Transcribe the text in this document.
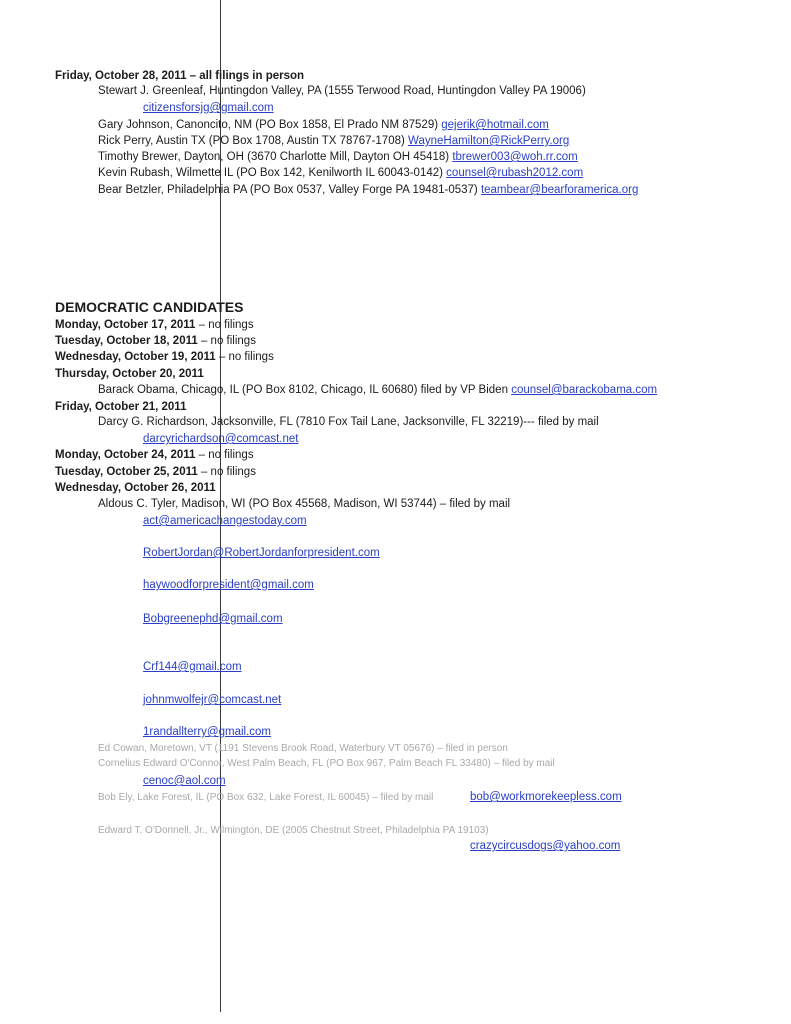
Friday, October 28, 2011 – all filings in person
Stewart J. Greenleaf, Huntingdon Valley, PA (1555 Terwood Road, Huntingdon Valley PA 19006)
citizensforsjg@gmail.com
Gary Johnson, Canoncito, NM (PO Box 1858, El Prado NM 87529) gejerik@hotmail.com
Rick Perry, Austin TX (PO Box 1708, Austin TX 78767-1708) WayneHamilton@RickPerry.org
Timothy Brewer, Dayton, OH (3670 Charlotte Mill, Dayton OH 45418) tbrewer003@woh.rr.com
Kevin Rubash, Wilmette IL (PO Box 142, Kenilworth IL 60043-0142) counsel@rubash2012.com
Bear Betzler, Philadelphia PA (PO Box 0537, Valley Forge PA 19481-0537) teambear@bearforamerica.org
DEMOCRATIC CANDIDATES
Monday, October 17, 2011 – no filings
Tuesday, October 18, 2011 – no filings
Wednesday, October 19, 2011 – no filings
Thursday, October 20, 2011
Barack Obama, Chicago, IL (PO Box 8102, Chicago, IL 60680) filed by VP Biden counsel@barackobama.com
Friday, October 21, 2011
Darcy G. Richardson, Jacksonville, FL (7810 Fox Tail Lane, Jacksonville, FL 32219)--- filed by mail
darcyrichardson@comcast.net
Monday, October 24, 2011 – no filings
Tuesday, October 25, 2011 – no filings
Wednesday, October 26, 2011
Aldous C. Tyler, Madison, WI (PO Box 45568, Madison, WI 53744) – filed by mail
act@americachangestoday.com
RobertJordan@RobertJordanforpresident.com
haywoodforpresident@gmail.com
Bobgreenephd@gmail.com
Crf144@gmail.com
johnmwolfejr@comcast.net
1randallterry@gmail.com
Ed Cowan, Moretown, VT (1191 Stevens Brook Road, Waterbury VT 05676) – filed in person
Cornelius Edward O'Connor, West Palm Beach, FL (PO Box 967, Palm Beach FL 33480) – filed by mail
cenoc@aol.com
Bob Ely, Lake Forest, IL (PO Box 632, Lake Forest, IL 60045) – filed by mail	bob@workmorekeepless.com
Edward T. O'Donnell, Jr., Wilmington, DE (2005 Chestnut Street, Philadelphia PA 19103)
crazycircusdogs@yahoo.com
